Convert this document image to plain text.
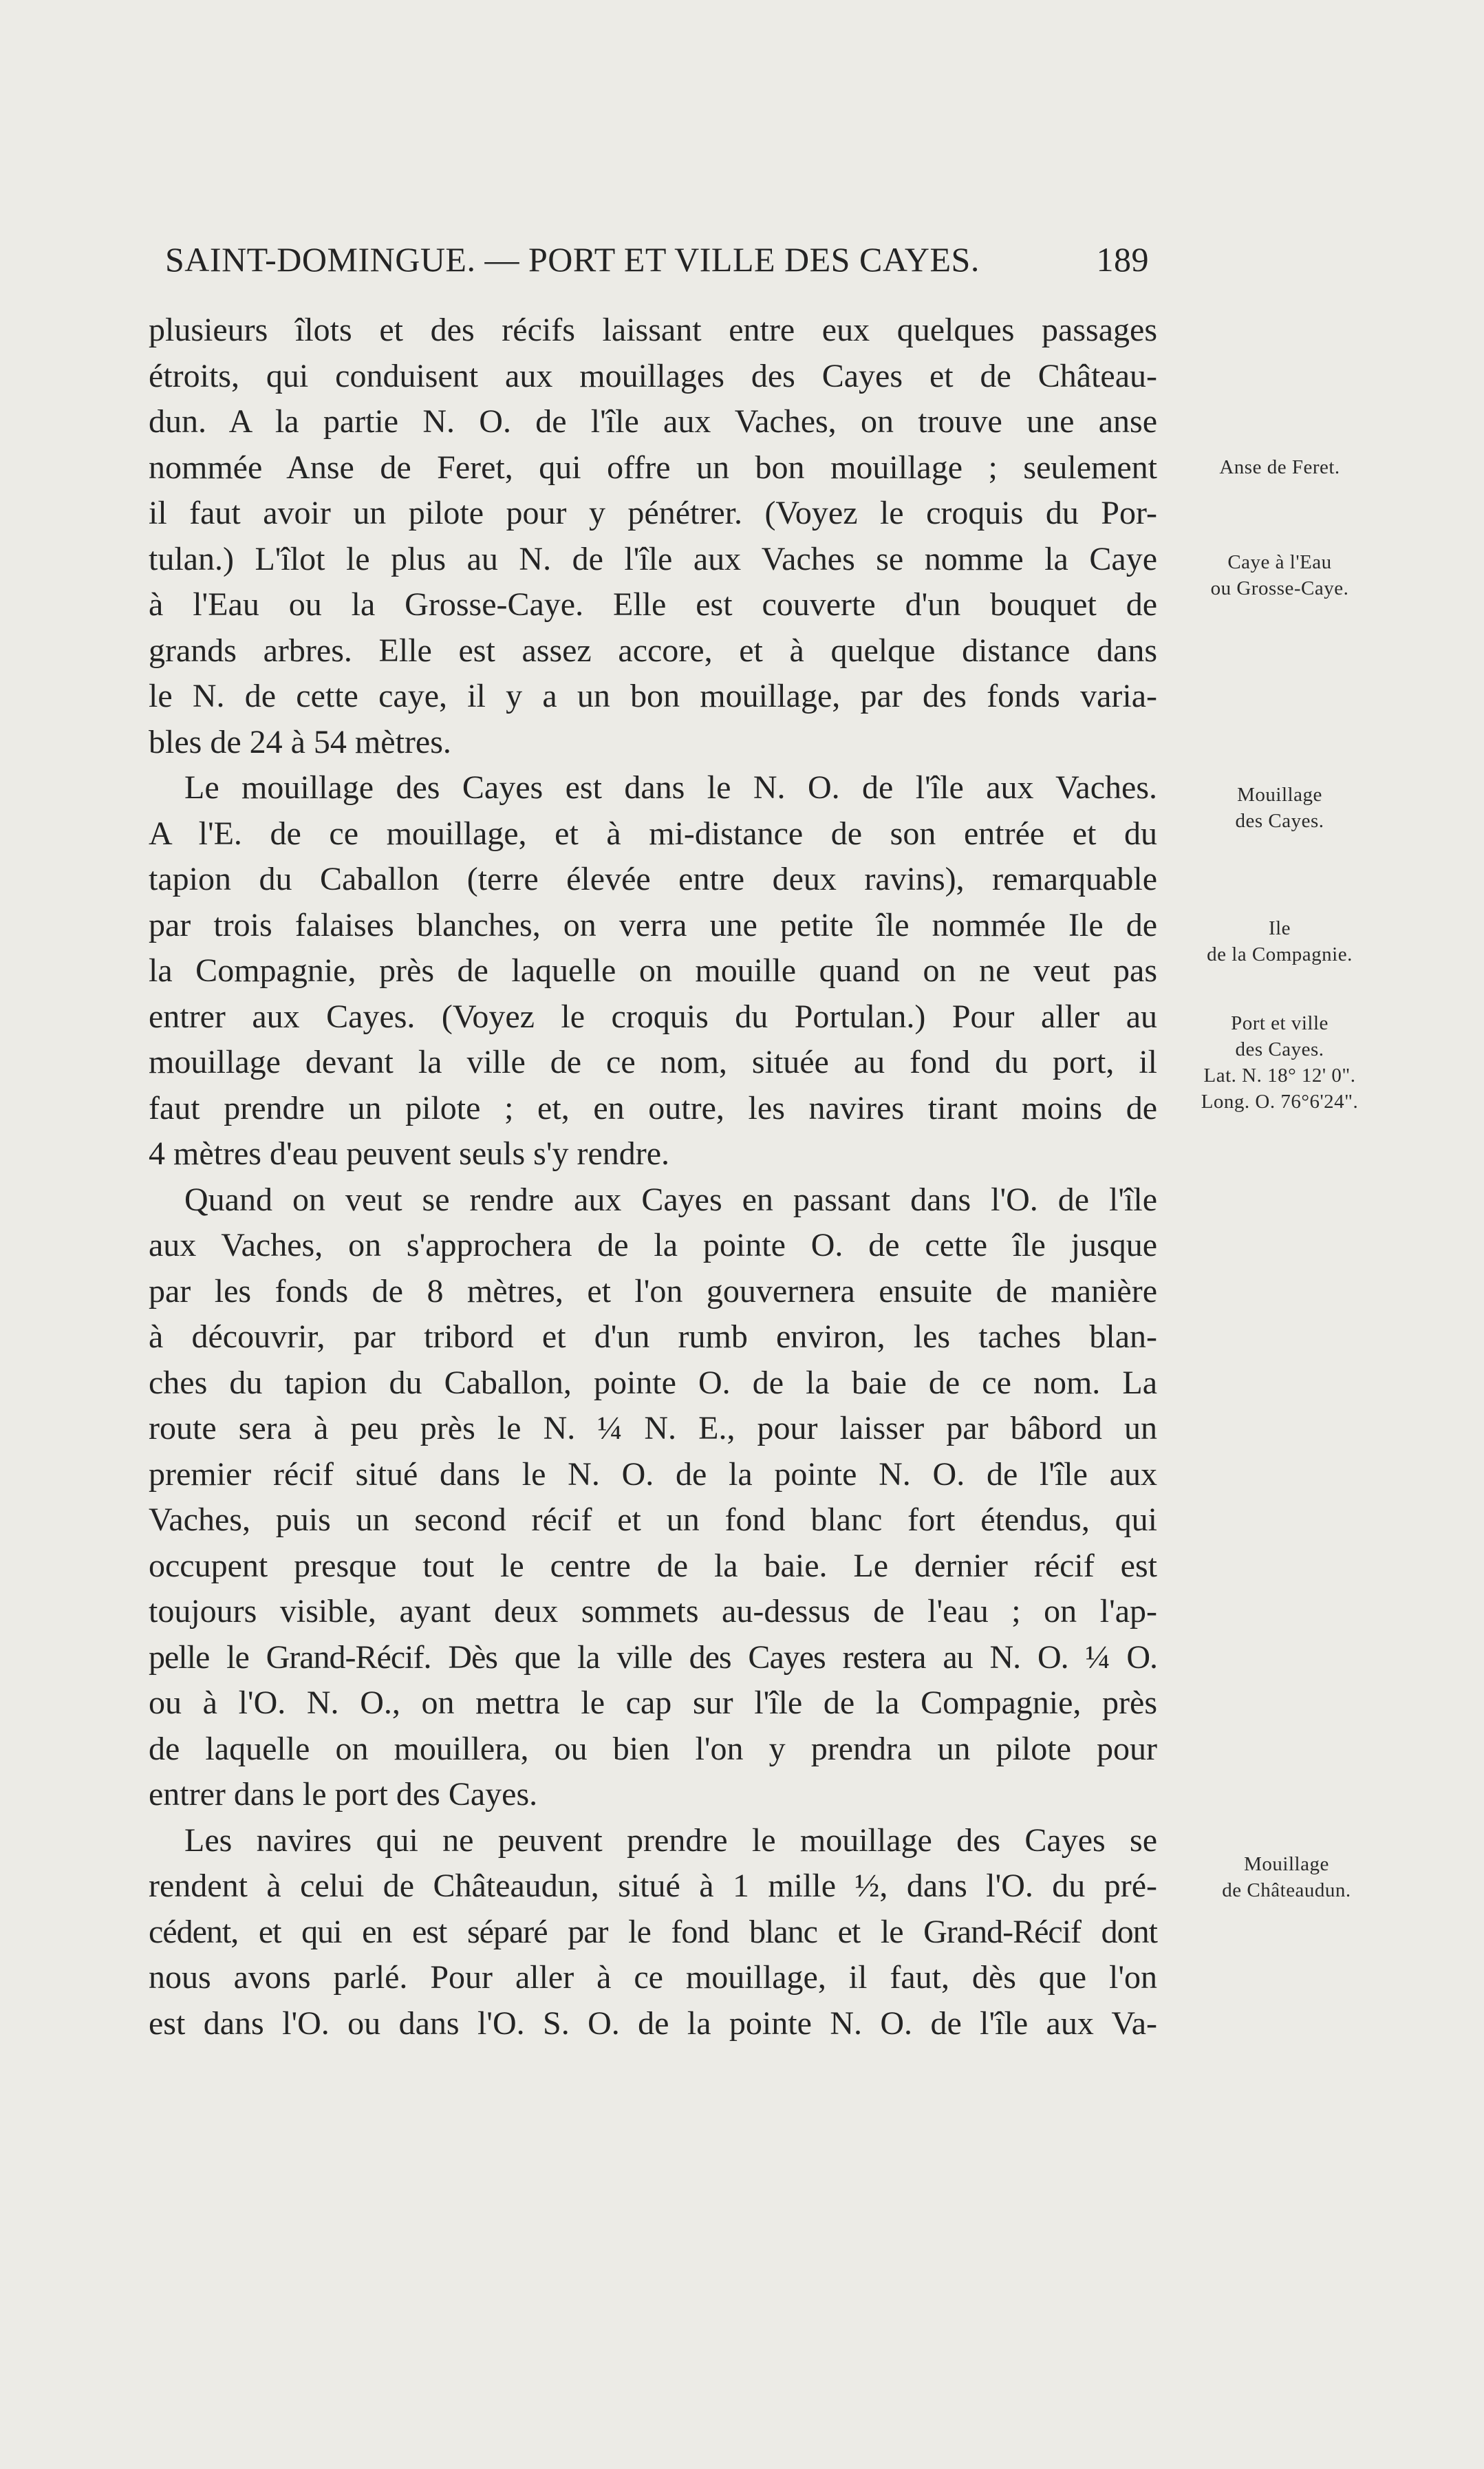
SAINT-DOMINGUE. — PORT ET VILLE DES CAYES.	189
plusieurs îlots et des récifs laissant entre eux quelques passages
étroits, qui conduisent aux mouillages des Cayes et de Château-
dun. A la partie N. O. de l'île aux Vaches, on trouve une anse
nommée Anse de Feret, qui offre un bon mouillage ; seulement
il faut avoir un pilote pour y pénétrer. (Voyez le croquis du Por-
tulan.) L'îlot le plus au N. de l'île aux Vaches se nomme la Caye
à l'Eau ou la Grosse-Caye. Elle est couverte d'un bouquet de
grands arbres. Elle est assez accore, et à quelque distance dans
le N. de cette caye, il y a un bon mouillage, par des fonds varia-
bles de 24 à 54 mètres.
Le mouillage des Cayes est dans le N. O. de l'île aux Vaches.
A l'E. de ce mouillage, et à mi-distance de son entrée et du
tapion du Caballon (terre élevée entre deux ravins), remarquable
par trois falaises blanches, on verra une petite île nommée Ile de
la Compagnie, près de laquelle on mouille quand on ne veut pas
entrer aux Cayes. (Voyez le croquis du Portulan.) Pour aller au
mouillage devant la ville de ce nom, située au fond du port, il
faut prendre un pilote ; et, en outre, les navires tirant moins de
4 mètres d'eau peuvent seuls s'y rendre.
Quand on veut se rendre aux Cayes en passant dans l'O. de l'île
aux Vaches, on s'approchera de la pointe O. de cette île jusque
par les fonds de 8 mètres, et l'on gouvernera ensuite de manière
à découvrir, par tribord et d'un rumb environ, les taches blan-
ches du tapion du Caballon, pointe O. de la baie de ce nom. La
route sera à peu près le N. ¼ N. E., pour laisser par bâbord un
premier récif situé dans le N. O. de la pointe N. O. de l'île aux
Vaches, puis un second récif et un fond blanc fort étendus, qui
occupent presque tout le centre de la baie. Le dernier récif est
toujours visible, ayant deux sommets au-dessus de l'eau ; on l'ap-
pelle le Grand-Récif. Dès que la ville des Cayes restera au N. O. ¼ O.
ou à l'O. N. O., on mettra le cap sur l'île de la Compagnie, près
de laquelle on mouillera, ou bien l'on y prendra un pilote pour
entrer dans le port des Cayes.
Les navires qui ne peuvent prendre le mouillage des Cayes se
rendent à celui de Châteaudun, situé à 1 mille ½, dans l'O. du pré-
cédent, et qui en est séparé par le fond blanc et le Grand-Récif dont
nous avons parlé. Pour aller à ce mouillage, il faut, dès que l'on
est dans l'O. ou dans l'O. S. O. de la pointe N. O. de l'île aux Va-
Anse de Feret.
Caye à l'Eau
ou Grosse-Caye.
Mouillage
des Cayes.
Ile
de la Compagnie.
Port et ville
des Cayes.
Lat. N. 18° 12' 0".
Long. O. 76°6'24".
Mouillage
de Châteaudun.
